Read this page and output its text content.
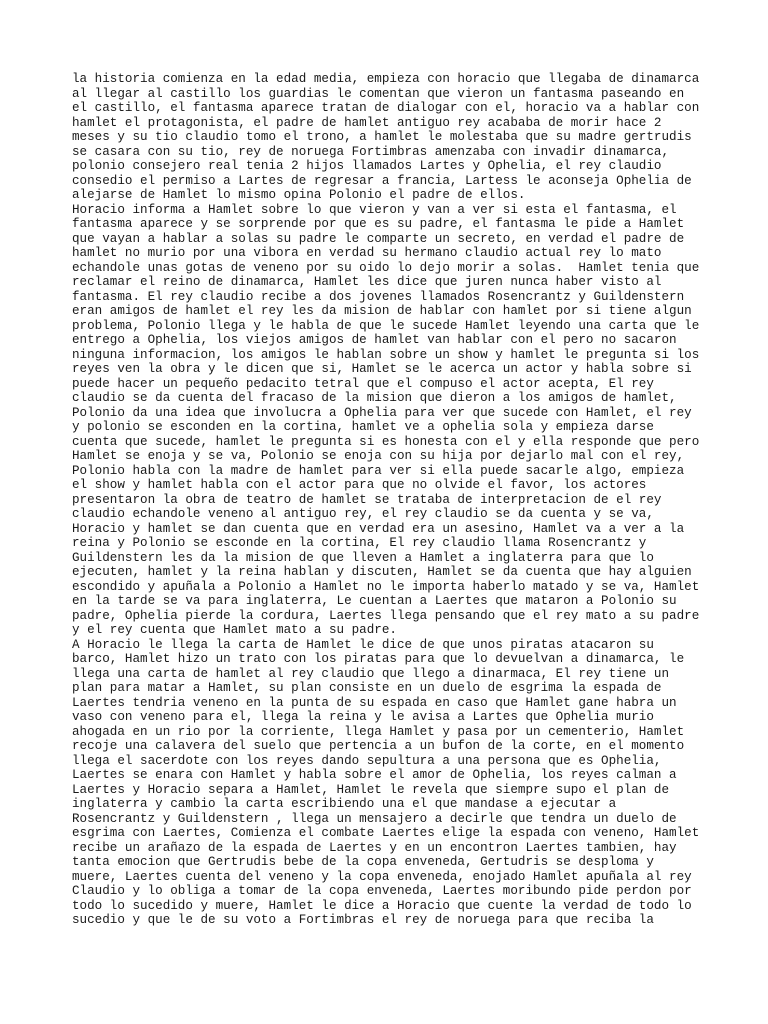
la historia comienza en la edad media, empieza con horacio que llegaba de dinamarca
al llegar al castillo los guardias le comentan que vieron un fantasma paseando en
el castillo, el fantasma aparece tratan de dialogar con el, horacio va a hablar con
hamlet el protagonista, el padre de hamlet antiguo rey acababa de morir hace 2
meses y su tio claudio tomo el trono, a hamlet le molestaba que su madre gertrudis
se casara con su tio, rey de noruega Fortimbras amenzaba con invadir dinamarca,
polonio consejero real tenia 2 hijos llamados Lartes y Ophelia, el rey claudio
consedio el permiso a Lartes de regresar a francia, Lartess le aconseja Ophelia de
alejarse de Hamlet lo mismo opina Polonio el padre de ellos.
Horacio informa a Hamlet sobre lo que vieron y van a ver si esta el fantasma, el
fantasma aparece y se sorprende por que es su padre, el fantasma le pide a Hamlet
que vayan a hablar a solas su padre le comparte un secreto, en verdad el padre de
hamlet no murio por una vibora en verdad su hermano claudio actual rey lo mato
echandole unas gotas de veneno por su oido lo dejo morir a solas.  Hamlet tenia que
reclamar el reino de dinamarca, Hamlet les dice que juren nunca haber visto al
fantasma. El rey claudio recibe a dos jovenes llamados Rosencrantz y Guildenstern
eran amigos de hamlet el rey les da mision de hablar con hamlet por si tiene algun
problema, Polonio llega y le habla de que le sucede Hamlet leyendo una carta que le
entrego a Ophelia, los viejos amigos de hamlet van hablar con el pero no sacaron
ninguna informacion, los amigos le hablan sobre un show y hamlet le pregunta si los
reyes ven la obra y le dicen que si, Hamlet se le acerca un actor y habla sobre si
puede hacer un pequeño pedacito tetral que el compuso el actor acepta, El rey
claudio se da cuenta del fracaso de la mision que dieron a los amigos de hamlet,
Polonio da una idea que involucra a Ophelia para ver que sucede con Hamlet, el rey
y polonio se esconden en la cortina, hamlet ve a ophelia sola y empieza darse
cuenta que sucede, hamlet le pregunta si es honesta con el y ella responde que pero
Hamlet se enoja y se va, Polonio se enoja con su hija por dejarlo mal con el rey,
Polonio habla con la madre de hamlet para ver si ella puede sacarle algo, empieza
el show y hamlet habla con el actor para que no olvide el favor, los actores
presentaron la obra de teatro de hamlet se trataba de interpretacion de el rey
claudio echandole veneno al antiguo rey, el rey claudio se da cuenta y se va,
Horacio y hamlet se dan cuenta que en verdad era un asesino, Hamlet va a ver a la
reina y Polonio se esconde en la cortina, El rey claudio llama Rosencrantz y
Guildenstern les da la mision de que lleven a Hamlet a inglaterra para que lo
ejecuten, hamlet y la reina hablan y discuten, Hamlet se da cuenta que hay alguien
escondido y apuñala a Polonio a Hamlet no le importa haberlo matado y se va, Hamlet
en la tarde se va para inglaterra, Le cuentan a Laertes que mataron a Polonio su
padre, Ophelia pierde la cordura, Laertes llega pensando que el rey mato a su padre
y el rey cuenta que Hamlet mato a su padre.
A Horacio le llega la carta de Hamlet le dice de que unos piratas atacaron su
barco, Hamlet hizo un trato con los piratas para que lo devuelvan a dinamarca, le
llega una carta de hamlet al rey claudio que llego a dinarmaca, El rey tiene un
plan para matar a Hamlet, su plan consiste en un duelo de esgrima la espada de
Laertes tendria veneno en la punta de su espada en caso que Hamlet gane habra un
vaso con veneno para el, llega la reina y le avisa a Lartes que Ophelia murio
ahogada en un rio por la corriente, llega Hamlet y pasa por un cementerio, Hamlet
recoje una calavera del suelo que pertencia a un bufon de la corte, en el momento
llega el sacerdote con los reyes dando sepultura a una persona que es Ophelia,
Laertes se enara con Hamlet y habla sobre el amor de Ophelia, los reyes calman a
Laertes y Horacio separa a Hamlet, Hamlet le revela que siempre supo el plan de
inglaterra y cambio la carta escribiendo una el que mandase a ejecutar a
Rosencrantz y Guildenstern , llega un mensajero a decirle que tendra un duelo de
esgrima con Laertes, Comienza el combate Laertes elige la espada con veneno, Hamlet
recibe un arañazo de la espada de Laertes y en un encontron Laertes tambien, hay
tanta emocion que Gertrudis bebe de la copa enveneda, Gertudris se desploma y
muere, Laertes cuenta del veneno y la copa enveneda, enojado Hamlet apuñala al rey
Claudio y lo obliga a tomar de la copa enveneda, Laertes moribundo pide perdon por
todo lo sucedido y muere, Hamlet le dice a Horacio que cuente la verdad de todo lo
sucedio y que le de su voto a Fortimbras el rey de noruega para que reciba la
